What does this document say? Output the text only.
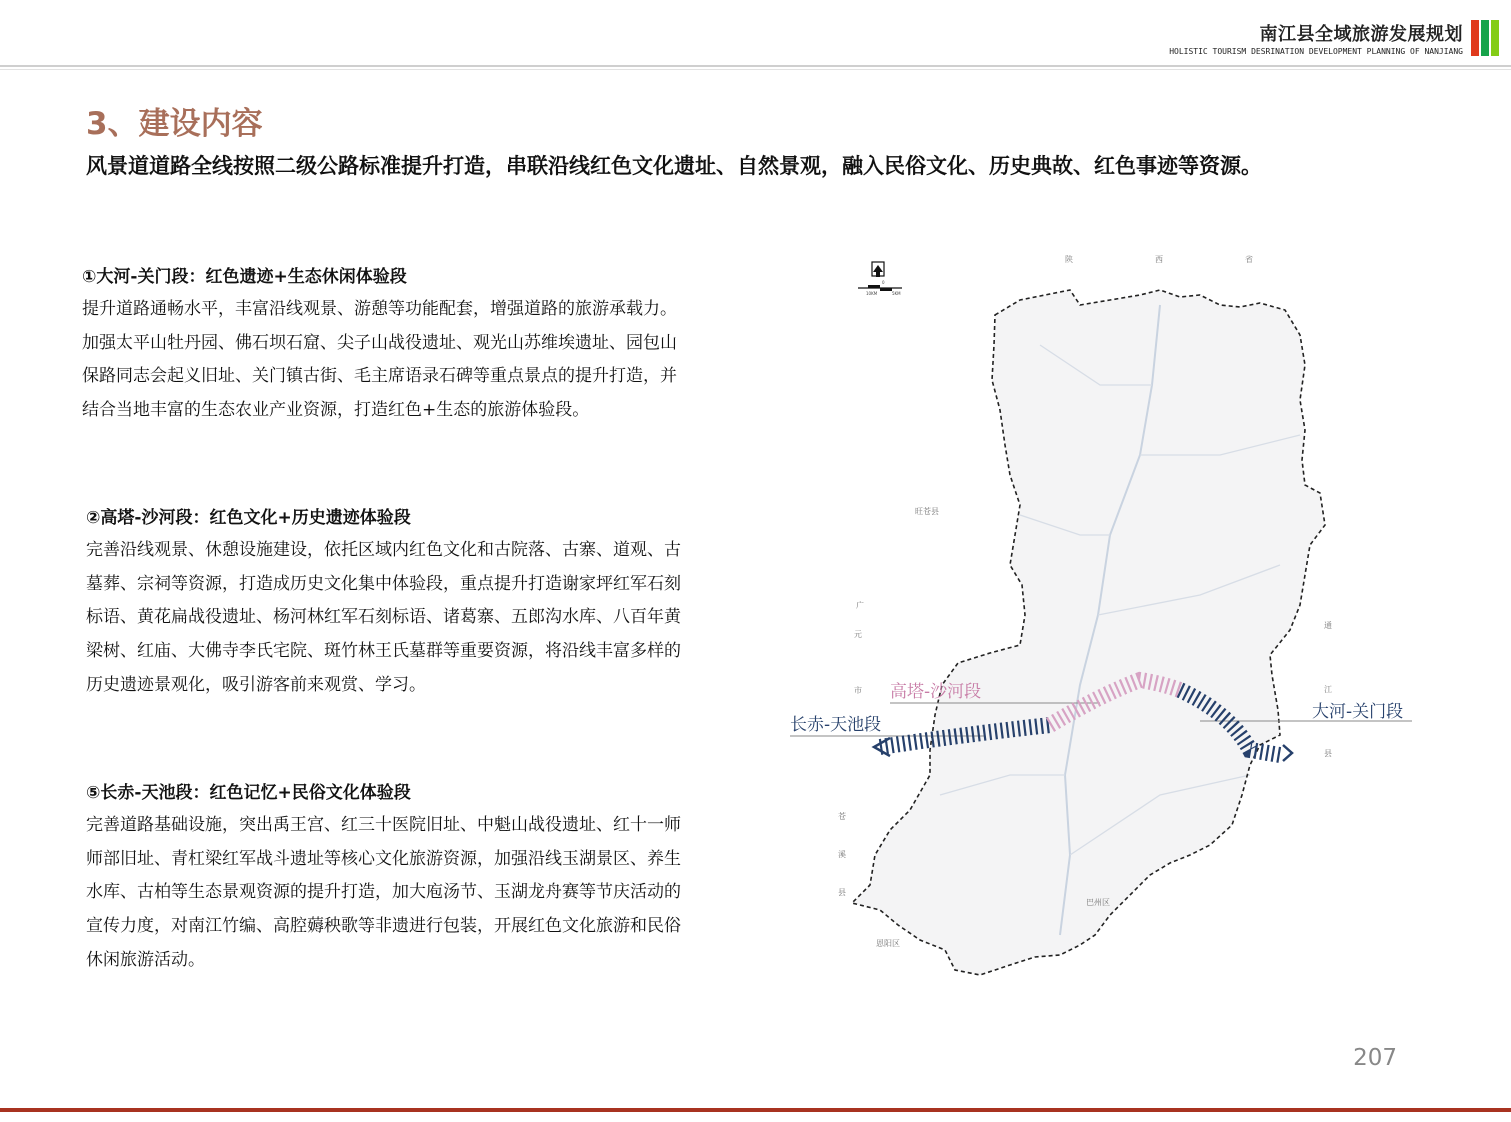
南江县全域旅游发展规划
HOLISTIC TOURISM DESRINATION DEVELOPMENT PLANNING OF NANJIANG
3、建设内容
风景道道路全线按照二级公路标准提升打造，串联沿线红色文化遗址、自然景观，融入民俗文化、历史典故、红色事迹等资源。
①大河-关门段：红色遗迹+生态休闲体验段

提升道路通畅水平，丰富沿线观景、游憩等功能配套，增强道路的旅游承载力。

加强太平山牡丹园、佛石坝石窟、尖子山战役遗址、观光山苏维埃遗址、园包山

保路同志会起义旧址、关门镇古街、毛主席语录石碑等重点景点的提升打造，并

结合当地丰富的生态农业产业资源，打造红色+生态的旅游体验段。

②高塔-沙河段：红色文化+历史遗迹体验段

完善沿线观景、休憩设施建设，依托区域内红色文化和古院落、古寨、道观、古

墓葬、宗祠等资源，打造成历史文化集中体验段，重点提升打造谢家坪红军石刻

标语、黄花扁战役遗址、杨河林红军石刻标语、诸葛寨、五郎沟水库、八百年黄

梁树、红庙、大佛寺李氏宅院、斑竹林王氏墓群等重要资源，将沿线丰富多样的

历史遗迹景观化，吸引游客前来观赏、学习。

⑤长赤-天池段：红色记忆+民俗文化体验段

完善道路基础设施，突出禹王宫、红三十医院旧址、中魁山战役遗址、红十一师

师部旧址、青杠梁红军战斗遗址等核心文化旅游资源，加强沿线玉湖景区、养生

水库、古柏等生态景观资源的提升打造，加大庖汤节、玉湖龙舟赛等节庆活动的

宣传力度，对南江竹编、高腔薅秧歌等非遗进行包装，开展红色文化旅游和民俗

休闲旅游活动。

10KM
0
5KM
陕	西	省
旺苍县
广
元
市
通
江
县
巴州区
恩阳区
苍
溪
县
高塔-沙河段
长赤-天池段
大河-关门段
207
